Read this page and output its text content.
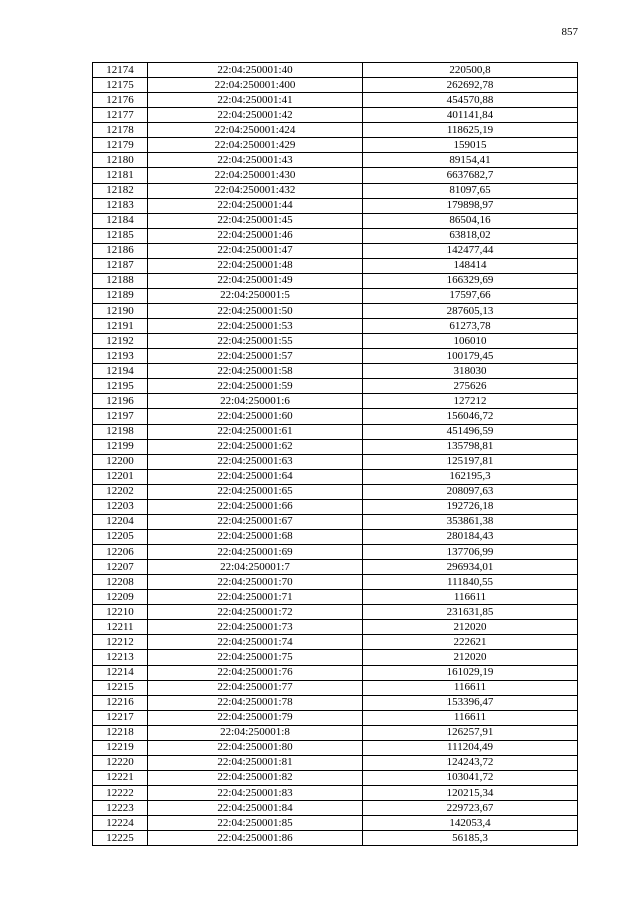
857
12174	22:04:250001:40	220500,8
12175	22:04:250001:400	262692,78
12176	22:04:250001:41	454570,88
12177	22:04:250001:42	401141,84
12178	22:04:250001:424	118625,19
12179	22:04:250001:429	159015
12180	22:04:250001:43	89154,41
12181	22:04:250001:430	6637682,7
12182	22:04:250001:432	81097,65
12183	22:04:250001:44	179898,97
12184	22:04:250001:45	86504,16
12185	22:04:250001:46	63818,02
12186	22:04:250001:47	142477,44
12187	22:04:250001:48	148414
12188	22:04:250001:49	166329,69
12189	22:04:250001:5	17597,66
12190	22:04:250001:50	287605,13
12191	22:04:250001:53	61273,78
12192	22:04:250001:55	106010
12193	22:04:250001:57	100179,45
12194	22:04:250001:58	318030
12195	22:04:250001:59	275626
12196	22:04:250001:6	127212
12197	22:04:250001:60	156046,72
12198	22:04:250001:61	451496,59
12199	22:04:250001:62	135798,81
12200	22:04:250001:63	125197,81
12201	22:04:250001:64	162195,3
12202	22:04:250001:65	208097,63
12203	22:04:250001:66	192726,18
12204	22:04:250001:67	353861,38
12205	22:04:250001:68	280184,43
12206	22:04:250001:69	137706,99
12207	22:04:250001:7	296934,01
12208	22:04:250001:70	111840,55
12209	22:04:250001:71	116611
12210	22:04:250001:72	231631,85
12211	22:04:250001:73	212020
12212	22:04:250001:74	222621
12213	22:04:250001:75	212020
12214	22:04:250001:76	161029,19
12215	22:04:250001:77	116611
12216	22:04:250001:78	153396,47
12217	22:04:250001:79	116611
12218	22:04:250001:8	126257,91
12219	22:04:250001:80	111204,49
12220	22:04:250001:81	124243,72
12221	22:04:250001:82	103041,72
12222	22:04:250001:83	120215,34
12223	22:04:250001:84	229723,67
12224	22:04:250001:85	142053,4
12225	22:04:250001:86	56185,3
